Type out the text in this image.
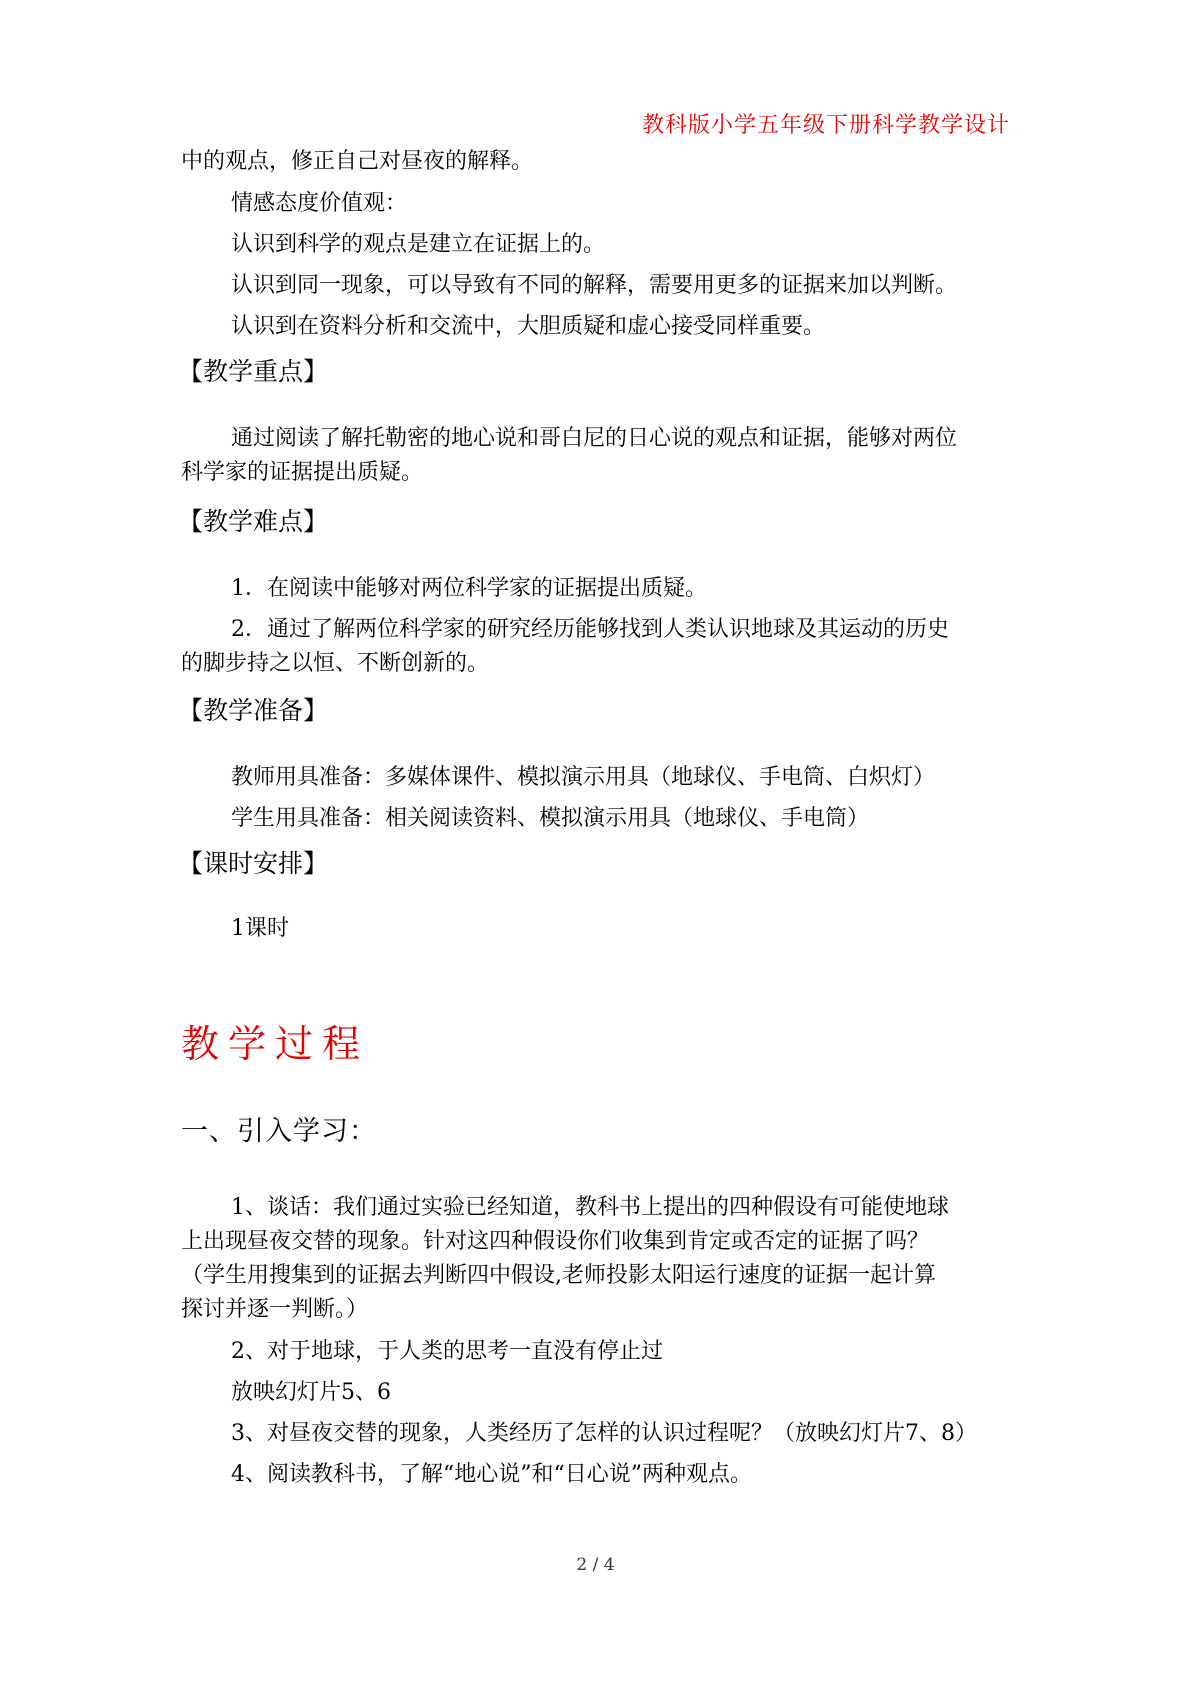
教科版小学五年级下册科学教学设计
中的观点，修正自己对昼夜的解释。
情感态度价值观：
认识到科学的观点是建立在证据上的。
认识到同一现象，可以导致有不同的解释，需要用更多的证据来加以判断。
认识到在资料分析和交流中，大胆质疑和虚心接受同样重要。
【教学重点】
通过阅读了解托勒密的地心说和哥白尼的日心说的观点和证据，能够对两位
科学家的证据提出质疑。
【教学难点】
1．在阅读中能够对两位科学家的证据提出质疑。
2．通过了解两位科学家的研究经历能够找到人类认识地球及其运动的历史
的脚步持之以恒、不断创新的。
【教学准备】
教师用具准备：多媒体课件、模拟演示用具（地球仪、手电筒、白炽灯）
学生用具准备：相关阅读资料、模拟演示用具（地球仪、手电筒）
【课时安排】
1课时
教学过程
一、引入学习：
1、谈话：我们通过实验已经知道，教科书上提出的四种假设有可能使地球
上出现昼夜交替的现象。针对这四种假设你们收集到肯定或否定的证据了吗？
（学生用搜集到的证据去判断四中假设,老师投影太阳运行速度的证据一起计算
探讨并逐一判断。）
2、对于地球，于人类的思考一直没有停止过
放映幻灯片5、6
3、对昼夜交替的现象，人类经历了怎样的认识过程呢？（放映幻灯片7、8）
4、阅读教科书，了解“地心说”和“日心说”两种观点。
2 / 4
